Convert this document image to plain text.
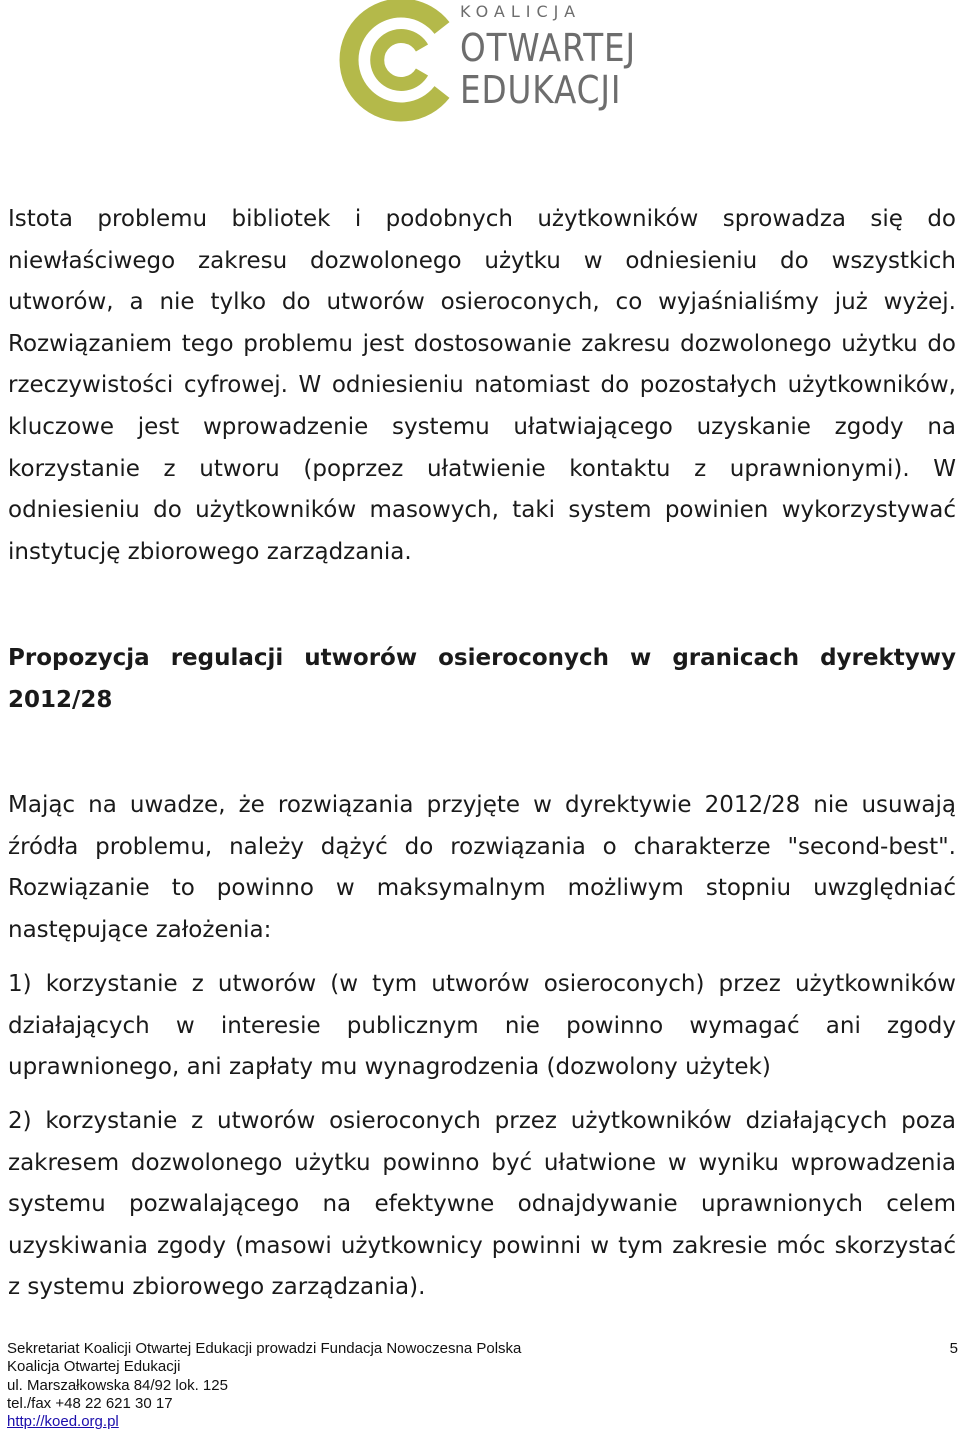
KOALICJA
OTWARTEJ
EDUKACJI
Istota problemu bibliotek i podobnych użytkowników sprowadza się do niewłaściwego zakresu dozwolonego użytku w odniesieniu do wszystkich utworów, a nie tylko do utworów osieroconych, co wyjaśnialiśmy już wyżej. Rozwiązaniem tego problemu jest dostosowanie zakresu dozwolonego użytku do rzeczywistości cyfrowej. W odniesieniu natomiast do pozostałych użytkowników, kluczowe jest wprowadzenie systemu ułatwiającego uzyskanie zgody na korzystanie z utworu (poprzez ułatwienie kontaktu z uprawnionymi). W odniesieniu do użytkowników masowych, taki system powinien wykorzystywać instytucję zbiorowego zarządzania.
Propozycja regulacji utworów osieroconych w granicach dyrektywy 2012/28
Mając na uwadze, że rozwiązania przyjęte w dyrektywie 2012/28 nie usuwają źródła problemu, należy dążyć do rozwiązania o charakterze "second-best". Rozwiązanie to powinno w maksymalnym możliwym stopniu uwzględniać następujące założenia:
1) korzystanie z utworów (w tym utworów osieroconych) przez użytkowników działających w interesie publicznym nie powinno wymagać ani zgody uprawnionego, ani zapłaty mu wynagrodzenia (dozwolony użytek)
2) korzystanie z utworów osieroconych przez użytkowników działających poza zakresem dozwolonego użytku powinno być ułatwione w wyniku wprowadzenia systemu pozwalającego na efektywne odnajdywanie uprawnionych celem uzyskiwania zgody (masowi użytkownicy powinni w tym zakresie móc skorzystać z systemu zbiorowego zarządzania).
Sekretariat Koalicji Otwartej Edukacji prowadzi Fundacja Nowoczesna Polska
Koalicja Otwartej Edukacji
ul. Marszałkowska 84/92 lok. 125
tel./fax +48 22 621 30 17
http://koed.org.pl
5
